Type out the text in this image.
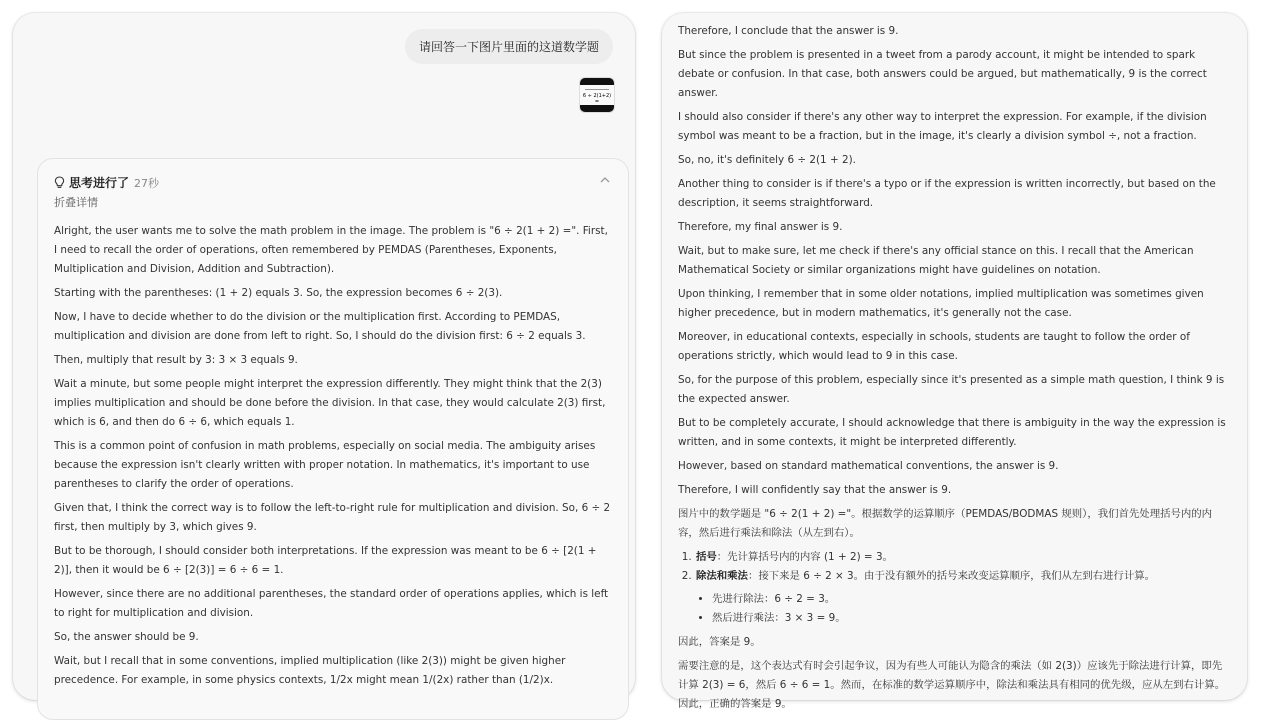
请回答一下图片里面的这道数学题
6 ÷ 2(1+2) =
思考进行了 27秒
折叠详情

Alright, the user wants me to solve the math problem in the image. The problem is "6 ÷ 2(1 + 2) =". First, I need to recall the order of operations, often remembered by PEMDAS (Parentheses, Exponents, Multiplication and Division, Addition and Subtraction).

Starting with the parentheses: (1 + 2) equals 3. So, the expression becomes 6 ÷ 2(3).

Now, I have to decide whether to do the division or the multiplication first. According to PEMDAS, multiplication and division are done from left to right. So, I should do the division first: 6 ÷ 2 equals 3.

Then, multiply that result by 3: 3 × 3 equals 9.

Wait a minute, but some people might interpret the expression differently. They might think that the 2(3) implies multiplication and should be done before the division. In that case, they would calculate 2(3) first, which is 6, and then do 6 ÷ 6, which equals 1.

This is a common point of confusion in math problems, especially on social media. The ambiguity arises because the expression isn't clearly written with proper notation. In mathematics, it's important to use parentheses to clarify the order of operations.

Given that, I think the correct way is to follow the left-to-right rule for multiplication and division. So, 6 ÷ 2 first, then multiply by 3, which gives 9.

But to be thorough, I should consider both interpretations. If the expression was meant to be 6 ÷ [2(1 + 2)], then it would be 6 ÷ [2(3)] = 6 ÷ 6 = 1.

However, since there are no additional parentheses, the standard order of operations applies, which is left to right for multiplication and division.

So, the answer should be 9.

Wait, but I recall that in some conventions, implied multiplication (like 2(3)) might be given higher precedence. For example, in some physics contexts, 1/2x might mean 1/(2x) rather than (1/2)x.

Therefore, I conclude that the answer is 9.

But since the problem is presented in a tweet from a parody account, it might be intended to spark debate or confusion. In that case, both answers could be argued, but mathematically, 9 is the correct answer.

I should also consider if there's any other way to interpret the expression. For example, if the division symbol was meant to be a fraction, but in the image, it's clearly a division symbol ÷, not a fraction.

So, no, it's definitely 6 ÷ 2(1 + 2).

Another thing to consider is if there's a typo or if the expression is written incorrectly, but based on the description, it seems straightforward.

Therefore, my final answer is 9.

Wait, but to make sure, let me check if there's any official stance on this. I recall that the American Mathematical Society or similar organizations might have guidelines on notation.

Upon thinking, I remember that in some older notations, implied multiplication was sometimes given higher precedence, but in modern mathematics, it's generally not the case.

Moreover, in educational contexts, especially in schools, students are taught to follow the order of operations strictly, which would lead to 9 in this case.

So, for the purpose of this problem, especially since it's presented as a simple math question, I think 9 is the expected answer.

But to be completely accurate, I should acknowledge that there is ambiguity in the way the expression is written, and in some contexts, it might be interpreted differently.

However, based on standard mathematical conventions, the answer is 9.

Therefore, I will confidently say that the answer is 9.

图片中的数学题是 "6 ÷ 2(1 + 2) ="。根据数学的运算顺序（PEMDAS/BODMAS 规则），我们首先处理括号内的内容，然后进行乘法和除法（从左到右）。

1. 括号：先计算括号内的内容 (1 + 2) = 3。
2. 除法和乘法：接下来是 6 ÷ 2 × 3。由于没有额外的括号来改变运算顺序，我们从左到右进行计算。
• 先进行除法：6 ÷ 2 = 3。
• 然后进行乘法：3 × 3 = 9。

因此，答案是 9。

需要注意的是，这个表达式有时会引起争议，因为有些人可能认为隐含的乘法（如 2(3)）应该先于除法进行计算，即先计算 2(3) = 6，然后 6 ÷ 6 = 1。然而，在标准的数学运算顺序中，除法和乘法具有相同的优先级，应从左到右计算。因此，正确的答案是 9。
